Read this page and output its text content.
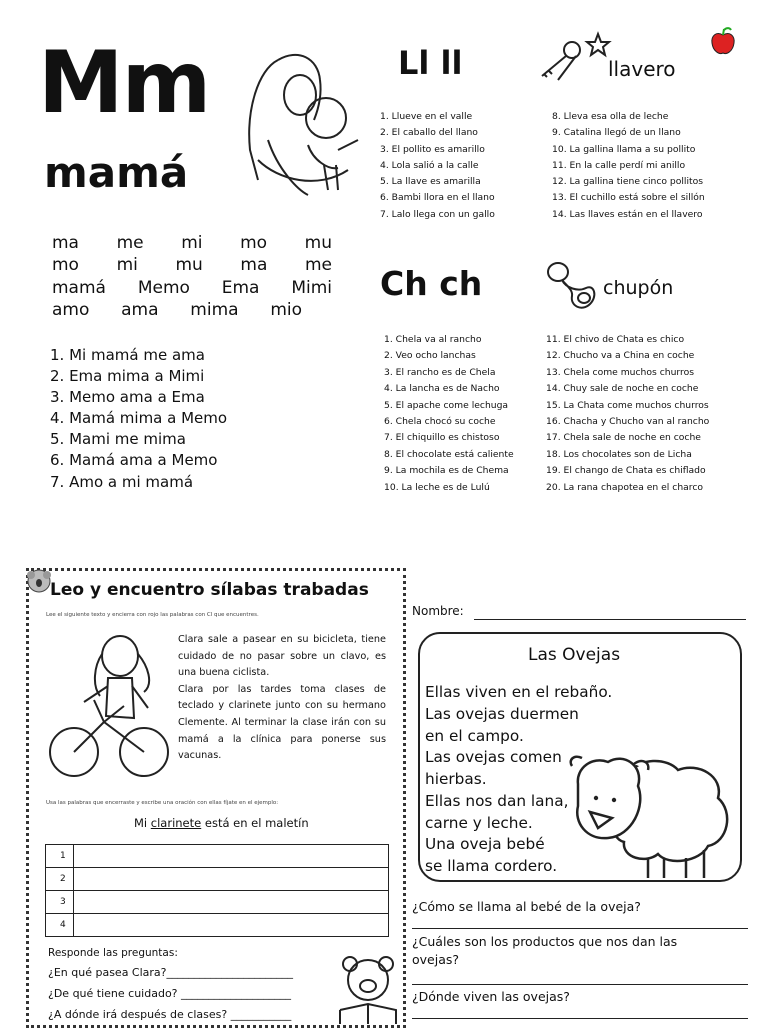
Mm
mamá
ma me mi mo mu
mo mi mu ma me
mamá Memo Ema Mimi
amo ama mima mio
1. Mi mamá me ama
2. Ema mima a Mimi
3. Memo ama a Ema
4. Mamá mima a Memo
5. Mami me mima
6. Mamá ama a Memo
7. Amo a mi mamá
Ll ll	llavero
1. Llueve en el valle
2. El caballo del llano
3. El pollito es amarillo
4. Lola salió a la calle
5. La llave es amarilla
6. Bambi llora en el llano
7. Lalo llega con un gallo
8. Lleva esa olla de leche
9. Catalina llegó de un llano
10. La gallina llama a su pollito
11. En la calle perdí mi anillo
12. La gallina tiene cinco pollitos
13. El cuchillo está sobre el sillón
14. Las llaves están en el llavero
Ch ch	chupón
1. Chela va al rancho
2. Veo ocho lanchas
3. El rancho es de Chela
4. La lancha es de Nacho
5. El apache come lechuga
6. Chela chocó su coche
7. El chiquillo es chistoso
8. El chocolate está caliente
9. La mochila es de Chema
10. La leche es de Lulú
11. El chivo de Chata es chico
12. Chucho va a China en coche
13. Chela come muchos churros
14. Chuy sale de noche en coche
15. La Chata come muchos churros
16. Chacha y Chucho van al rancho
17. Chela sale de noche en coche
18. Los chocolates son de Licha
19. El chango de Chata es chiflado
20. La rana chapotea en el charco
Leo y encuentro sílabas trabadas
Lee el siguiente texto y encierra con rojo las palabras con Cl que encuentres.
Clara sale a pasear en su bicicleta, tiene cuidado de no pasar sobre un clavo, es una buena ciclista.
Clara por las tardes toma clases de teclado y clarinete junto con su hermano Clemente. Al terminar la clase irán con su mamá a la clínica para ponerse sus vacunas.
Usa las palabras que encerraste y escribe una oración con ellas fíjate en el ejemplo:
Mi clarinete está en el maletín
1	
2	
3	
4	
Responde las preguntas:
¿En qué pasea Clara?_______________________
¿De qué tiene cuidado? ____________________
¿A dónde irá después de clases? ___________
Nombre:
Las Ovejas
Ellas viven en el rebaño.
Las ovejas duermen
en el campo.
Las ovejas comen
hierbas.
Ellas nos dan lana,
carne y leche.
Una oveja bebé
se llama cordero.
¿Cómo se llama al bebé de la oveja?
¿Cuáles son los productos que nos dan las
ovejas?
¿Dónde viven las ovejas?
